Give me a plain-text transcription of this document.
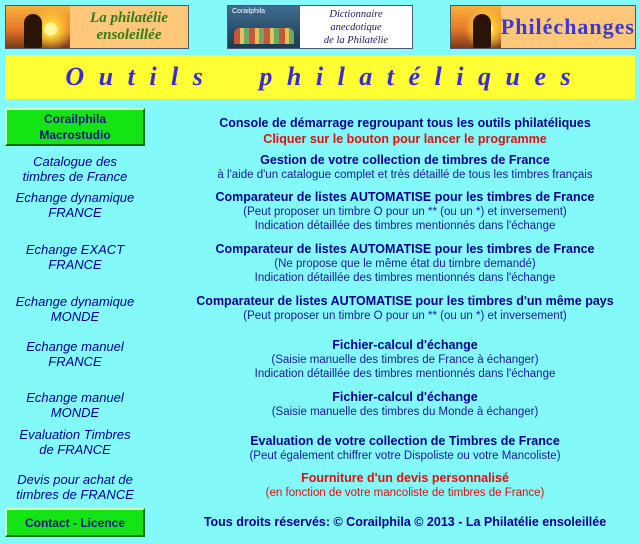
La philatélie
ensoleillée
Corailphila	Dictionnaire
anecdotique
de la Philatélie
Philéchanges
O u t i l s     p h i l a t é l i q u e s
Corailphila
Macrostudio
Console de démarrage regroupant tous les outils philatéliques
Cliquer sur le bouton pour lancer le programme
Catalogue des
timbres de France
Gestion de votre collection de timbres de France
à l'aide d'un catalogue complet et très détaillé de tous les timbres français
Echange dynamique
FRANCE
Comparateur de listes AUTOMATISE pour les timbres de France
(Peut proposer un timbre O pour un ** (ou un *) et inversement)
Indication détaillée des timbres mentionnés dans l'échange
Echange EXACT
FRANCE
Comparateur de listes AUTOMATISE pour les timbres de France
(Ne propose que le même état du timbre demandé)
Indication détaillée des timbres mentionnés dans l'échange
Echange dynamique
MONDE
Comparateur de listes AUTOMATISE pour les timbres d'un même pays
(Peut proposer un timbre O pour un ** (ou un *) et inversement)
Echange manuel
FRANCE
Fichier-calcul d'échange
(Saisie manuelle des timbres de France à échanger)
Indication détaillée des timbres mentionnés dans l'échange
Echange manuel
MONDE
Fichier-calcul d'échange
(Saisie manuelle des timbres du Monde à échanger)
Evaluation Timbres
de FRANCE
Evaluation de votre collection de Timbres de France
(Peut également chiffrer votre Dispoliste ou votre Mancoliste)
Devis pour achat de
timbres de FRANCE
Fourniture d'un devis personnalisé
(en fonction de votre mancoliste de timbres de France)
Contact - Licence	Tous droits réservés: © Corailphila © 2013 - La Philatélie ensoleillée
